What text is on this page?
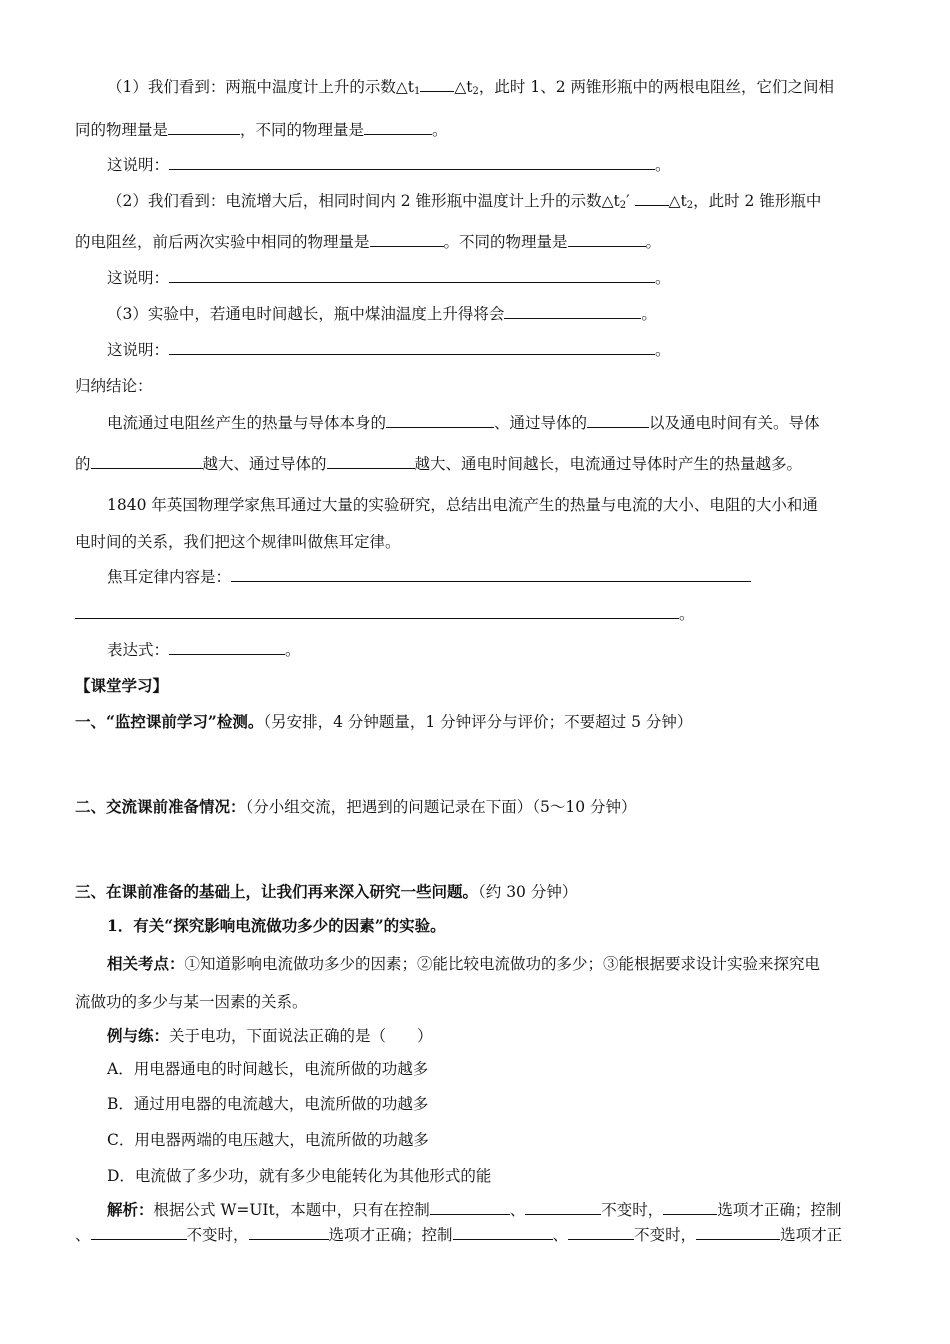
（1）我们看到：两瓶中温度计上升的示数$\triangle t_1$ $\triangle t_2$，此时 1、2 两锥形瓶中的两根电阻丝，它们之间相
同的物理量是	，不同的物理量是	。
这说明：	。
（2）我们看到：电流增大后，相同时间内 2 锥形瓶中温度计上升的示数$\triangle t_2'$	$\triangle t_2$，此时 2 锥形瓶中
的电阻丝，前后两次实验中相同的物理量是	。不同的物理量是	。
这说明：	。
（3）实验中，若通电时间越长，瓶中煤油温度上升得将会	。
这说明：	。
归纳结论：
电流通过电阻丝产生的热量与导体本身的	、通过导体的	以及通电时间有关。导体
的	越大、通过导体的	越大、通电时间越长，电流通过导体时产生的热量越多。
1840 年英国物理学家焦耳通过大量的实验研究，总结出电流产生的热量与电流的大小、电阻的大小和通
电时间的关系，我们把这个规律叫做焦耳定律。
焦耳定律内容是：
。
表达式：	。
【课堂学习】
一、“监控课前学习”检测。（另安排，4 分钟题量，1 分钟评分与评价；不要超过 5 分钟）
二、交流课前准备情况：（分小组交流，把遇到的问题记录在下面）（5～10 分钟）
三、在课前准备的基础上，让我们再来深入研究一些问题。（约 30 分钟）
1．有关“探究影响电流做功多少的因素”的实验。
相关考点：①知道影响电流做功多少的因素；②能比较电流做功的多少；③能根据要求设计实验来探究电
流做功的多少与某一因素的关系。
例与练：关于电功，下面说法正确的是（　　）
A．用电器通电的时间越长，电流所做的功越多
B．通过用电器的电流越大，电流所做的功越多
C．用电器两端的电压越大，电流所做的功越多
D．电流做了多少功，就有多少电能转化为其他形式的能
解析：根据公式 W=UIt，本题中，只有在控制	、	不变时，	选项才正确；控制
、	不变时，	选项才正确；控制	、	不变时，	选项才正
